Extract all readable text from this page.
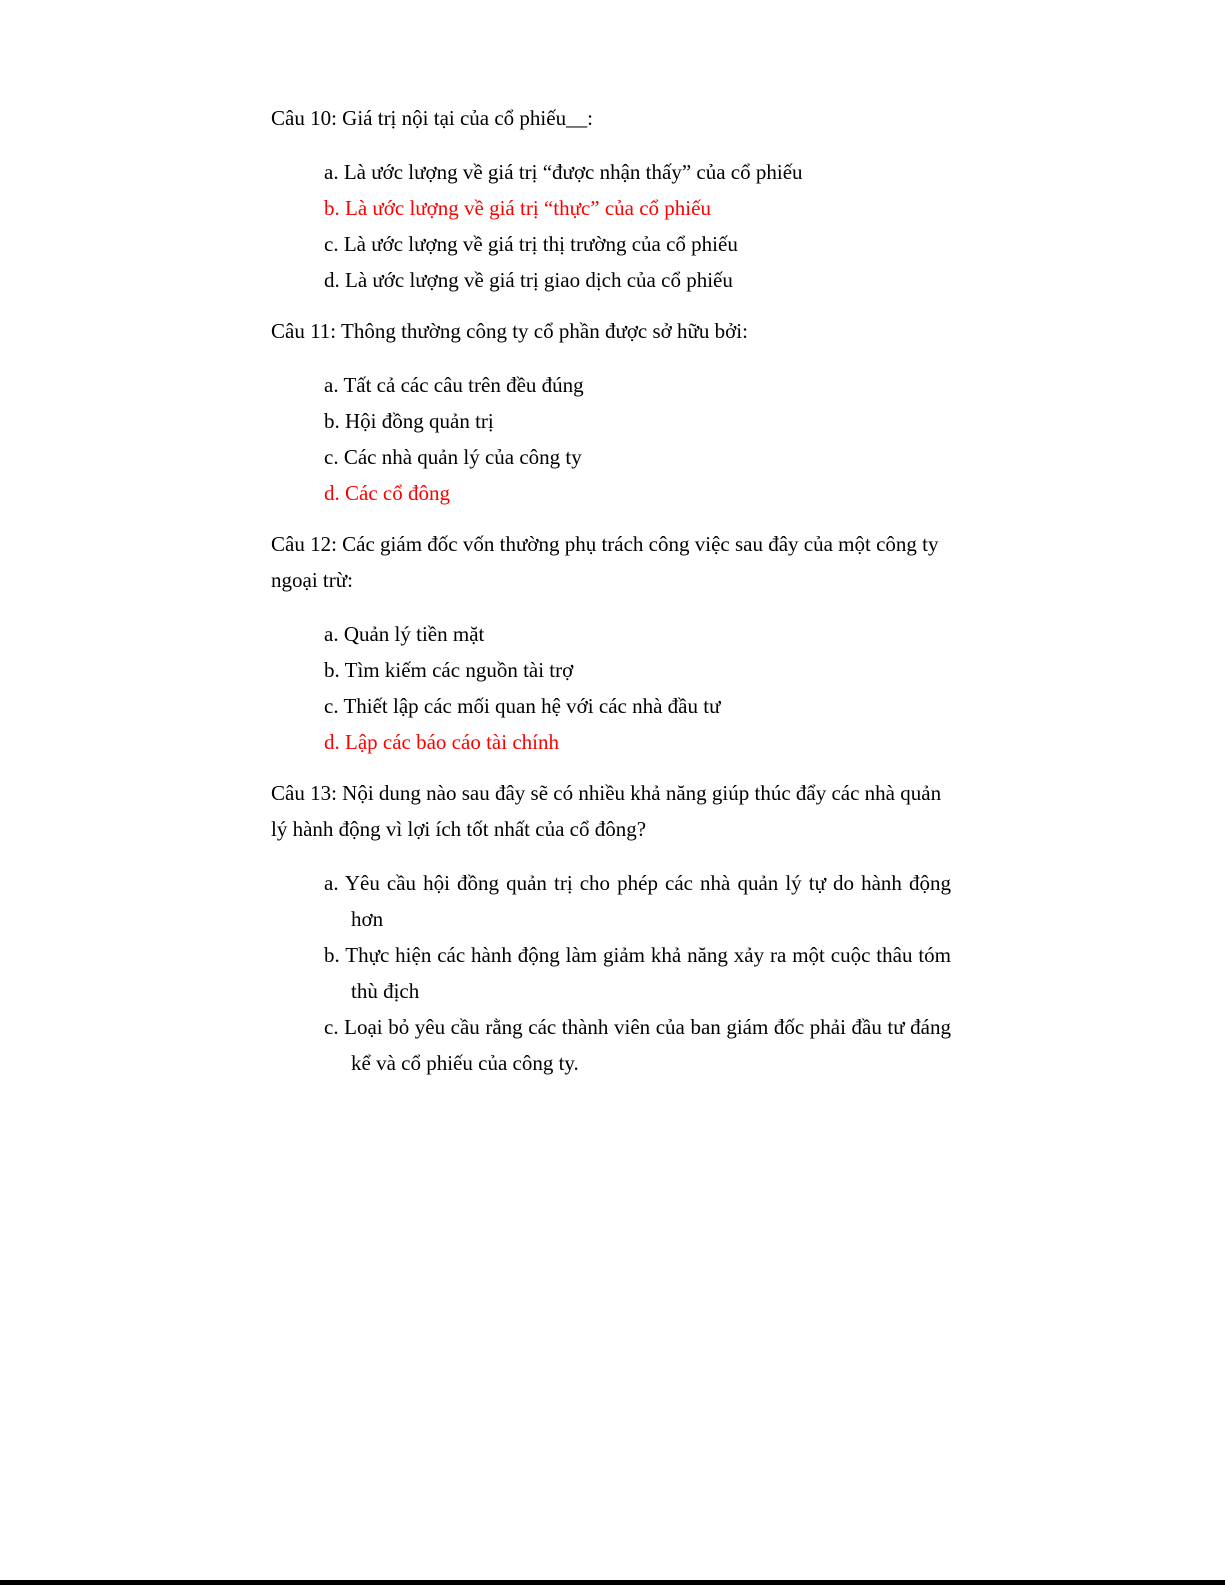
Câu 10: Giá trị nội tại của cổ phiếu__:

a. Là ước lượng về giá trị “được nhận thấy” của cổ phiếu
b. Là ước lượng về giá trị “thực” của cổ phiếu
c. Là ước lượng về giá trị thị trường của cổ phiếu
d. Là ước lượng về giá trị giao dịch của cổ phiếu

Câu 11: Thông thường công ty cổ phần được sở hữu bởi:

a. Tất cả các câu trên đều đúng
b. Hội đồng quản trị
c. Các nhà quản lý của công ty
d. Các cổ đông

Câu 12: Các giám đốc vốn thường phụ trách công việc sau đây của một công ty ngoại trừ:

a. Quản lý tiền mặt
b. Tìm kiếm các nguồn tài trợ
c. Thiết lập các mối quan hệ với các nhà đầu tư
d. Lập các báo cáo tài chính

Câu 13: Nội dung nào sau đây sẽ có nhiều khả năng giúp thúc đẩy các nhà quản lý hành động vì lợi ích tốt nhất của cổ đông?

a. Yêu cầu hội đồng quản trị cho phép các nhà quản lý tự do hành động hơn
b. Thực hiện các hành động làm giảm khả năng xảy ra một cuộc thâu tóm thù địch
c. Loại bỏ yêu cầu rằng các thành viên của ban giám đốc phải đầu tư đáng kể và cổ phiếu của công ty.
